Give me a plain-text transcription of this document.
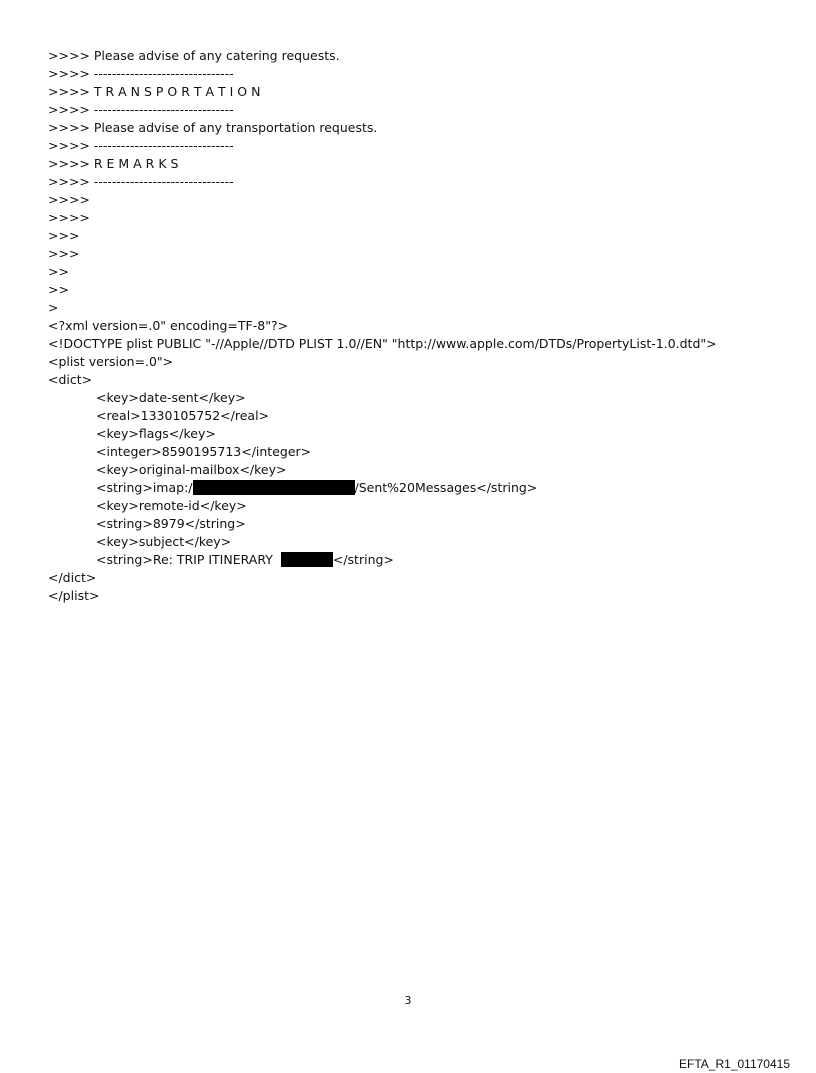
>>>> Please advise of any catering requests.
>>>> -------------------------------
>>>> T R A N S P O R T A T I O N
>>>> -------------------------------
>>>> Please advise of any transportation requests.
>>>> -------------------------------
>>>> R E M A R K S
>>>> -------------------------------
>>>>
>>>>
>>>
>>>
>>
>>
>
<?xml version=.0" encoding=TF-8"?>
<!DOCTYPE plist PUBLIC "-//Apple//DTD PLIST 1.0//EN" "http://www.apple.com/DTDs/PropertyList-1.0.dtd">
<plist version=.0">
<dict>
<key>date-sent</key>
<real>1330105752</real>
<key>flags</key>
<integer>8590195713</integer>
<key>original-mailbox</key>
<string>imap:/	/Sent%20Messages</string>
<key>remote-id</key>
<string>8979</string>
<key>subject</key>
<string>Re: TRIP ITINERARY	</string>
</dict>
</plist>
3
EFTA_R1_01170415
